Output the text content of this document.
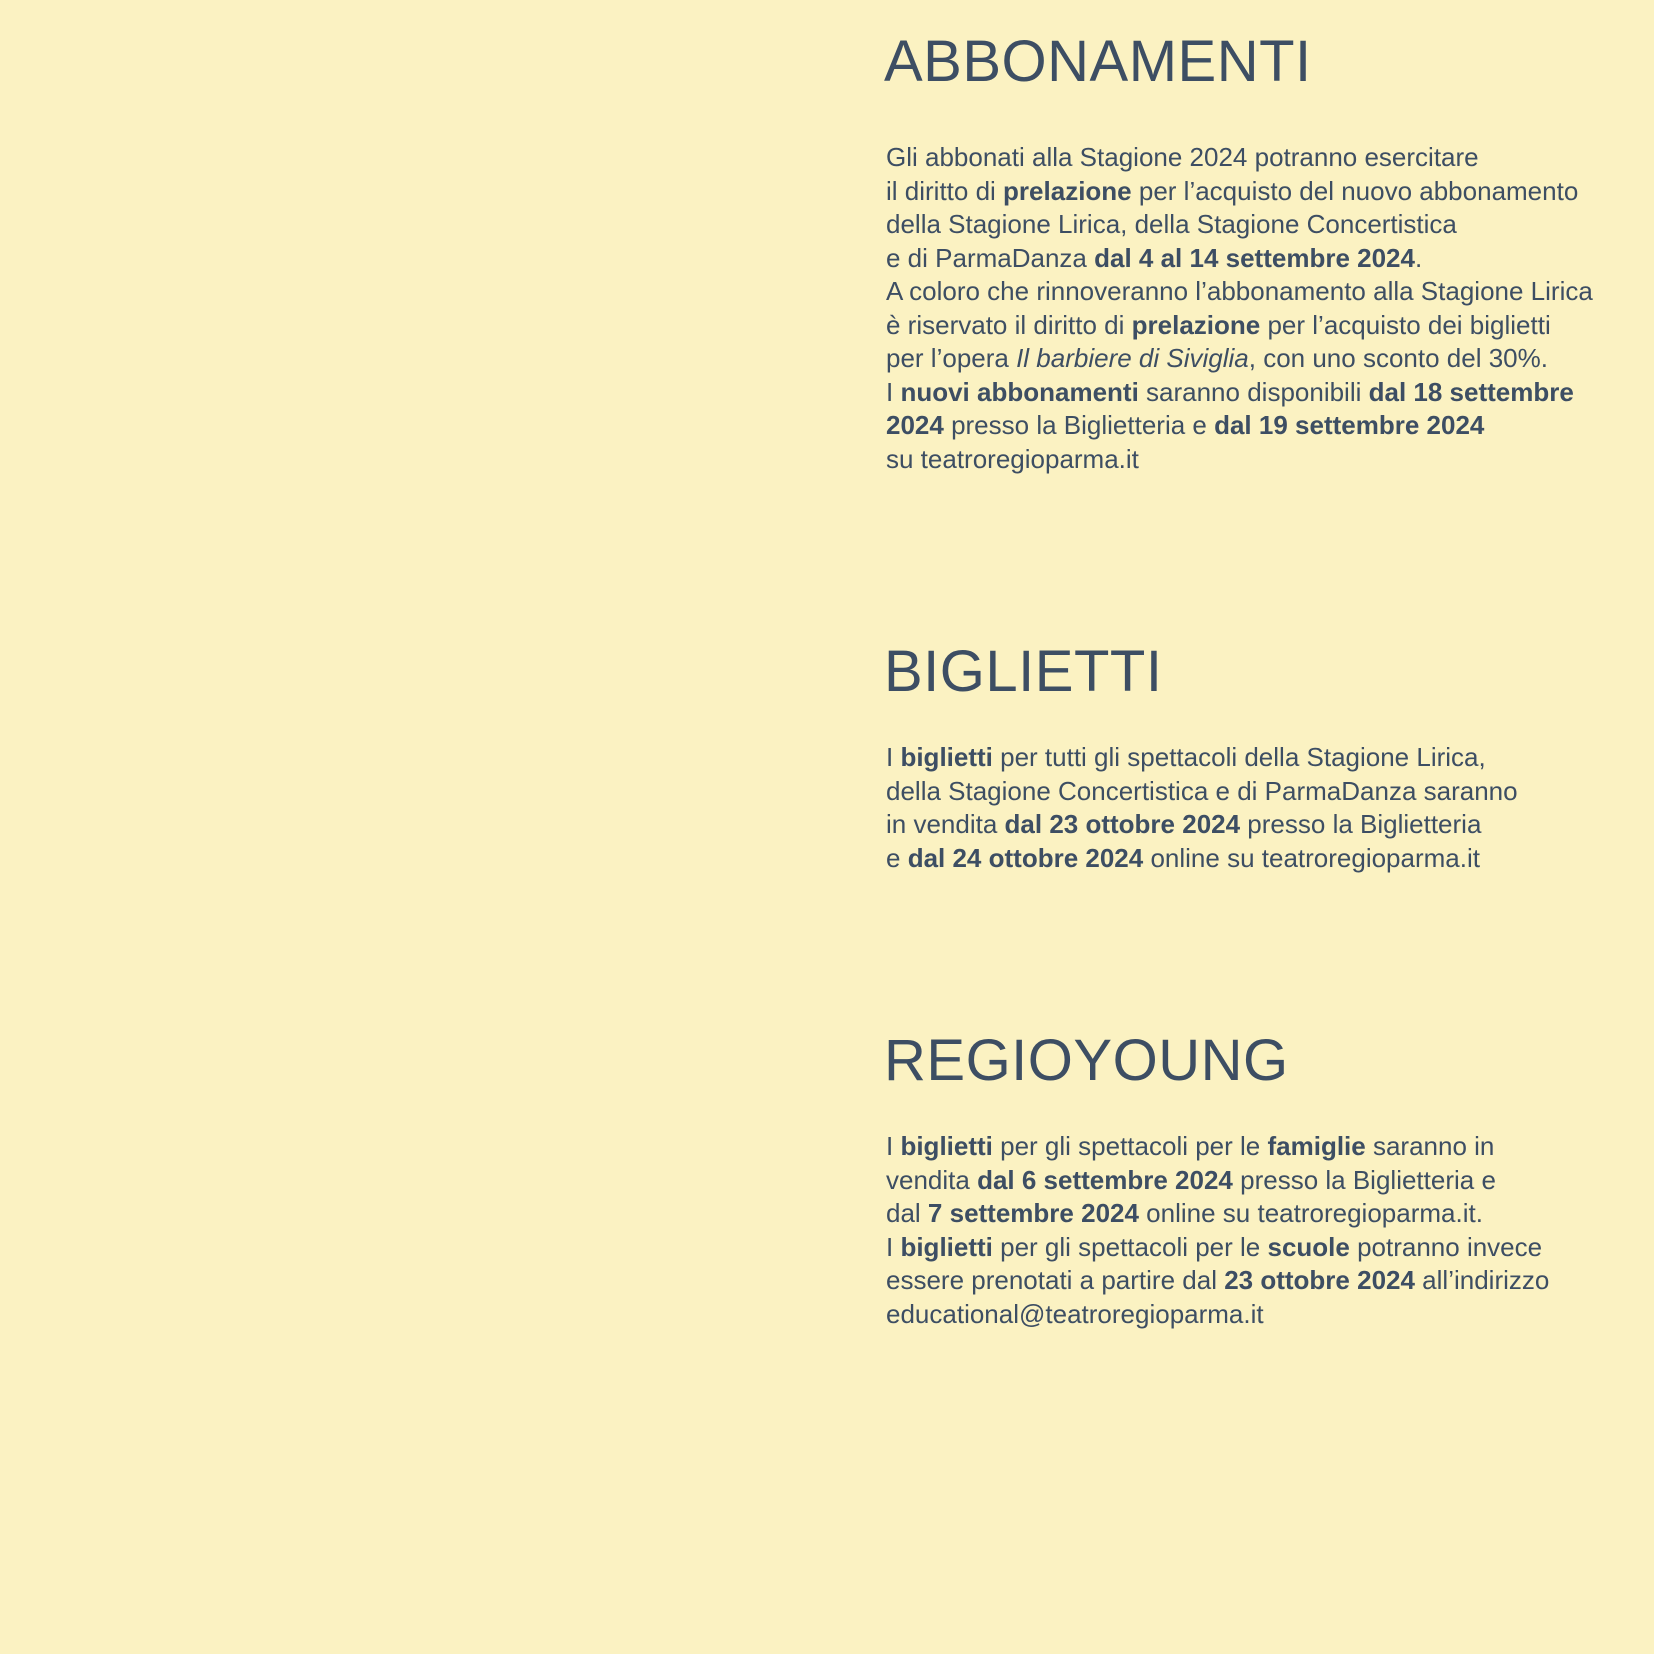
ABBONAMENTI
Gli abbonati alla Stagione 2024 potranno esercitare
il diritto di prelazione per l’acquisto del nuovo abbonamento
della Stagione Lirica, della Stagione Concertistica
e di ParmaDanza dal 4 al 14 settembre 2024.
A coloro che rinnoveranno l’abbonamento alla Stagione Lirica
è riservato il diritto di prelazione per l’acquisto dei biglietti
per l’opera Il barbiere di Siviglia, con uno sconto del 30%.
I nuovi abbonamenti saranno disponibili dal 18 settembre
2024 presso la Biglietteria e dal 19 settembre 2024
su teatroregioparma.it
BIGLIETTI
I biglietti per tutti gli spettacoli della Stagione Lirica,
della Stagione Concertistica e di ParmaDanza saranno
in vendita dal 23 ottobre 2024 presso la Biglietteria
e dal 24 ottobre 2024 online su teatroregioparma.it
REGIOYOUNG
I biglietti per gli spettacoli per le famiglie saranno in
vendita dal 6 settembre 2024 presso la Biglietteria e
dal 7 settembre 2024 online su teatroregioparma.it.
I biglietti per gli spettacoli per le scuole potranno invece
essere prenotati a partire dal 23 ottobre 2024 all’indirizzo
educational@teatroregioparma.it
